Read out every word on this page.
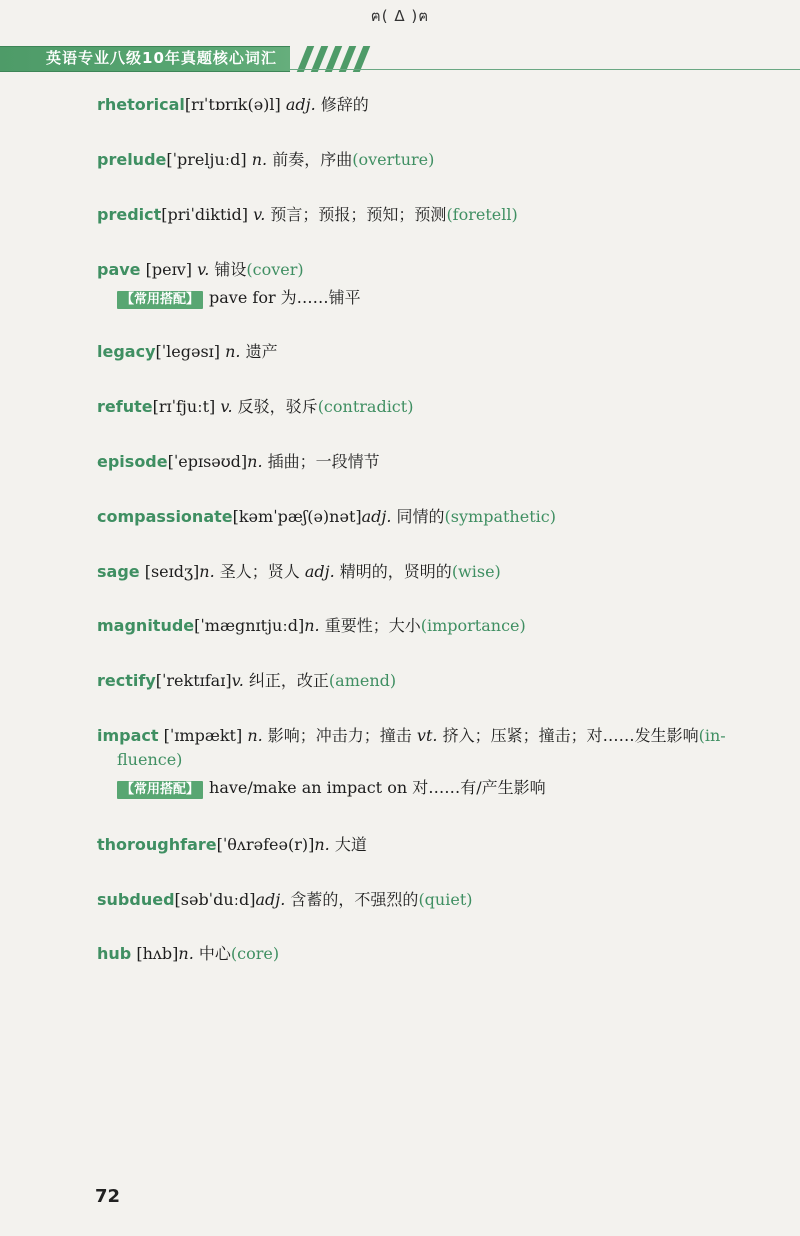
ฅ( Δ )ฅ
英语专业八级10年真题核心词汇
rhetorical[rɪˈtɒrɪk(ə)l] adj. 修辞的
prelude[ˈpreljuːd] n. 前奏，序曲(overture)
predict[priˈdiktid] v. 预言；预报；预知；预测(foretell)
pave [peɪv] v. 铺设(cover)
【常用搭配】 pave for 为……铺平
legacy[ˈlegəsɪ] n. 遗产
refute[rɪˈfjuːt] v. 反驳，驳斥(contradict)
episode[ˈepɪsəʊd]n. 插曲；一段情节
compassionate[kəmˈpæʃ(ə)nət]adj. 同情的(sympathetic)
sage [seɪdʒ]n. 圣人；贤人 adj. 精明的，贤明的(wise)
magnitude[ˈmægnɪtjuːd]n. 重要性；大小(importance)
rectify[ˈrektɪfaɪ]v. 纠正，改正(amend)
impact [ˈɪmpækt] n. 影响；冲击力；撞击 vt. 挤入；压紧；撞击；对……发生影响(in-
fluence)
【常用搭配】 have/make an impact on 对……有/产生影响
thoroughfare[ˈθʌrəfeə(r)]n. 大道
subdued[səbˈduːd]adj. 含蓄的，不强烈的(quiet)
hub [hʌb]n. 中心(core)
72
